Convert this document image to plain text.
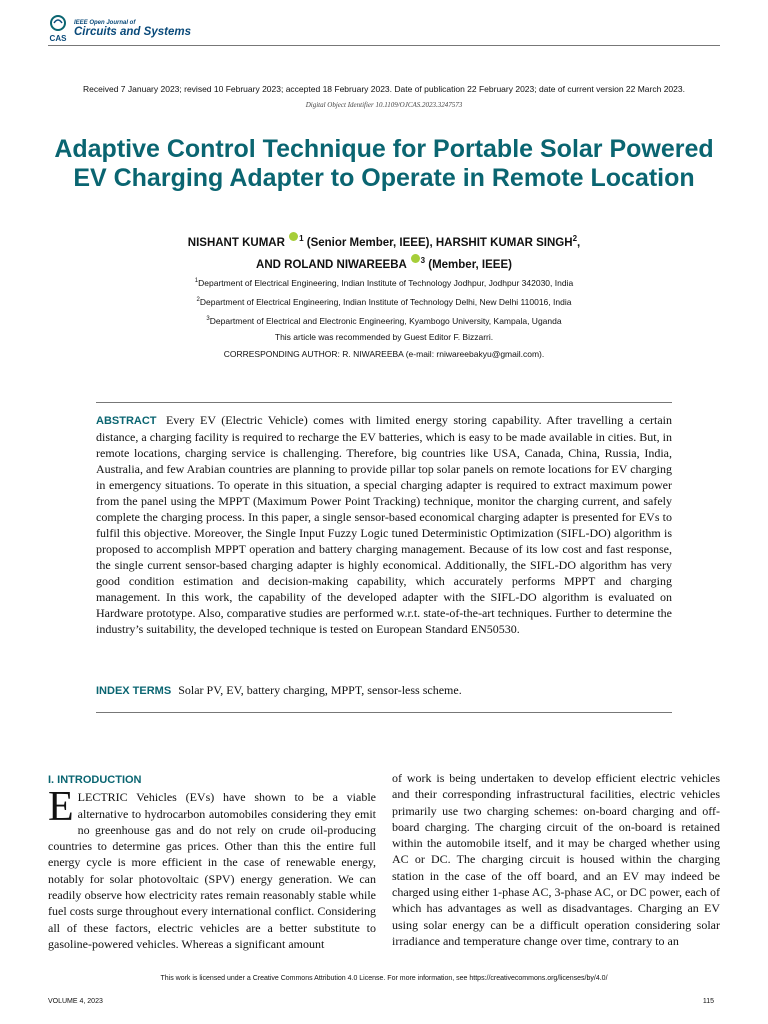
CAS
IEEE Open Journal of
Circuits and Systems
Received 7 January 2023; revised 10 February 2023; accepted 18 February 2023. Date of publication 22 February 2023; date of current version 22 March 2023.
Digital Object Identifier 10.1109/OJCAS.2023.3247573
Adaptive Control Technique for Portable Solar Powered EV Charging Adapter to Operate in Remote Location
NISHANT KUMAR $^1$ (Senior Member, IEEE), HARSHIT KUMAR SINGH$^2$,
AND ROLAND NIWAREEBA $^3$ (Member, IEEE)
$^1$Department of Electrical Engineering, Indian Institute of Technology Jodhpur, Jodhpur 342030, India
$^2$Department of Electrical Engineering, Indian Institute of Technology Delhi, New Delhi 110016, India
$^3$Department of Electrical and Electronic Engineering, Kyambogo University, Kampala, Uganda
This article was recommended by Guest Editor F. Bizzarri.
CORRESPONDING AUTHOR: R. NIWAREEBA (e-mail: rniwareebakyu@gmail.com).
ABSTRACT Every EV (Electric Vehicle) comes with limited energy storing capability. After travelling a certain distance, a charging facility is required to recharge the EV batteries, which is easy to be made available in cities. But, in remote locations, charging service is challenging. Therefore, big countries like USA, Canada, China, Russia, India, Australia, and few Arabian countries are planning to provide pillar top solar panels on remote locations for EV charging in emergency situations. To operate in this situation, a special charging adapter is required to extract maximum power from the panel using the MPPT (Maximum Power Point Tracking) technique, monitor the charging current, and safely complete the charging process. In this paper, a single sensor-based economical charging adapter is presented for EVs to fulfil this objective. Moreover, the Single Input Fuzzy Logic tuned Deterministic Optimization (SIFL-DO) algorithm is proposed to accomplish MPPT operation and battery charging management. Because of its low cost and fast response, the single current sensor-based charging adapter is highly economical. Additionally, the SIFL-DO algorithm has very good condition estimation and decision-making capability, which accurately performs MPPT and charging management. In this work, the capability of the developed adapter with the SIFL-DO algorithm is evaluated on Hardware prototype. Also, comparative studies are performed w.r.t. state-of-the-art techniques. Further to determine the industry’s suitability, the developed technique is tested on European Standard EN50530.
INDEX TERMS Solar PV, EV, battery charging, MPPT, sensor-less scheme.
I. INTRODUCTION
E LECTRIC Vehicles (EVs) have shown to be a viable alternative to hydrocarbon automobiles considering they emit no greenhouse gas and do not rely on crude oil-producing countries to determine gas prices. Other than this the entire full energy cycle is more efficient in the case of renewable energy, notably for solar photovoltaic (SPV) energy generation. We can readily observe how electricity rates remain reasonably stable while fuel costs surge throughout every international conflict. Considering all of these factors, electric vehicles are a better substitute to gasoline-powered vehicles. Whereas a significant amount
of work is being undertaken to develop efficient electric vehicles and their corresponding infrastructural facilities, electric vehicles primarily use two charging schemes: on-board charging and off-board charging. The charging circuit of the on-board is retained within the automobile itself, and it may be charged whether using AC or DC. The charging circuit is housed within the charging station in the case of the off board, and an EV may indeed be charged using either 1-phase AC, 3-phase AC, or DC power, each of which has advantages as well as disadvantages. Charging an EV using solar energy can be a difficult operation considering solar irradiance and temperature change over time, contrary to an
This work is licensed under a Creative Commons Attribution 4.0 License. For more information, see https://creativecommons.org/licenses/by/4.0/
VOLUME 4, 2023	115
